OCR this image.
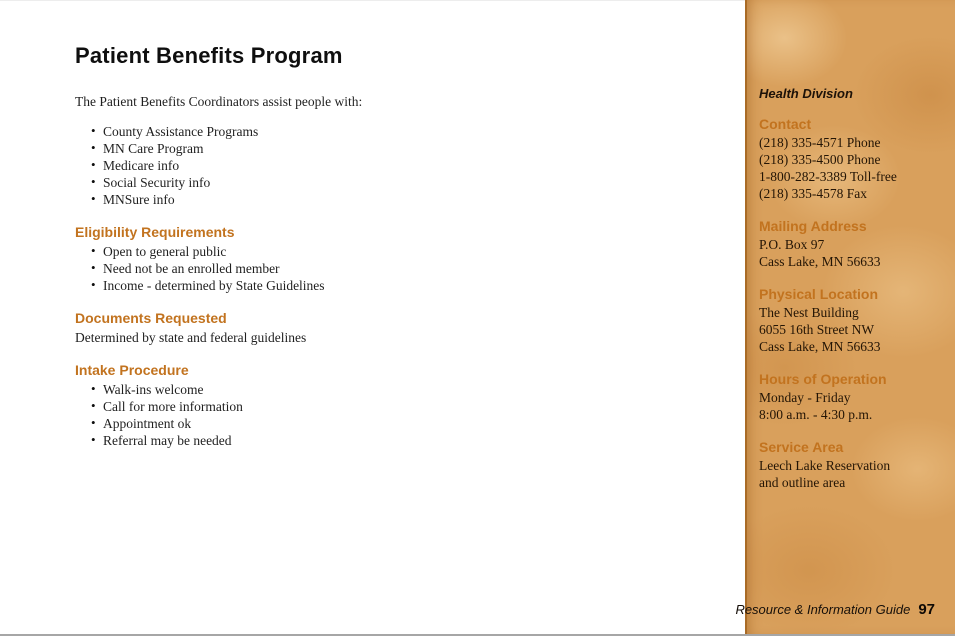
Patient Benefits Program

The Patient Benefits Coordinators assist people with:

• County Assistance Programs
• MN Care Program
• Medicare info
• Social Security info
• MNSure info
Eligibility Requirements
• Open to general public
• Need not be an enrolled member
• Income - determined by State Guidelines
Documents Requested

Determined by state and federal guidelines

Intake Procedure
• Walk-ins welcome
• Call for more information
• Appointment ok
• Referral may be needed
Health Division
Contact

(218) 335-4571 Phone

(218) 335-4500 Phone

1-800-282-3389 Toll-free

(218) 335-4578 Fax

Mailing Address

P.O. Box 97

Cass Lake, MN 56633

Physical Location

The Nest Building

6055 16th Street NW

Cass Lake, MN 56633

Hours of Operation

Monday - Friday

8:00 a.m. - 4:30 p.m.

Service Area

Leech Lake Reservation

and outline area

Resource & Information Guide 97
